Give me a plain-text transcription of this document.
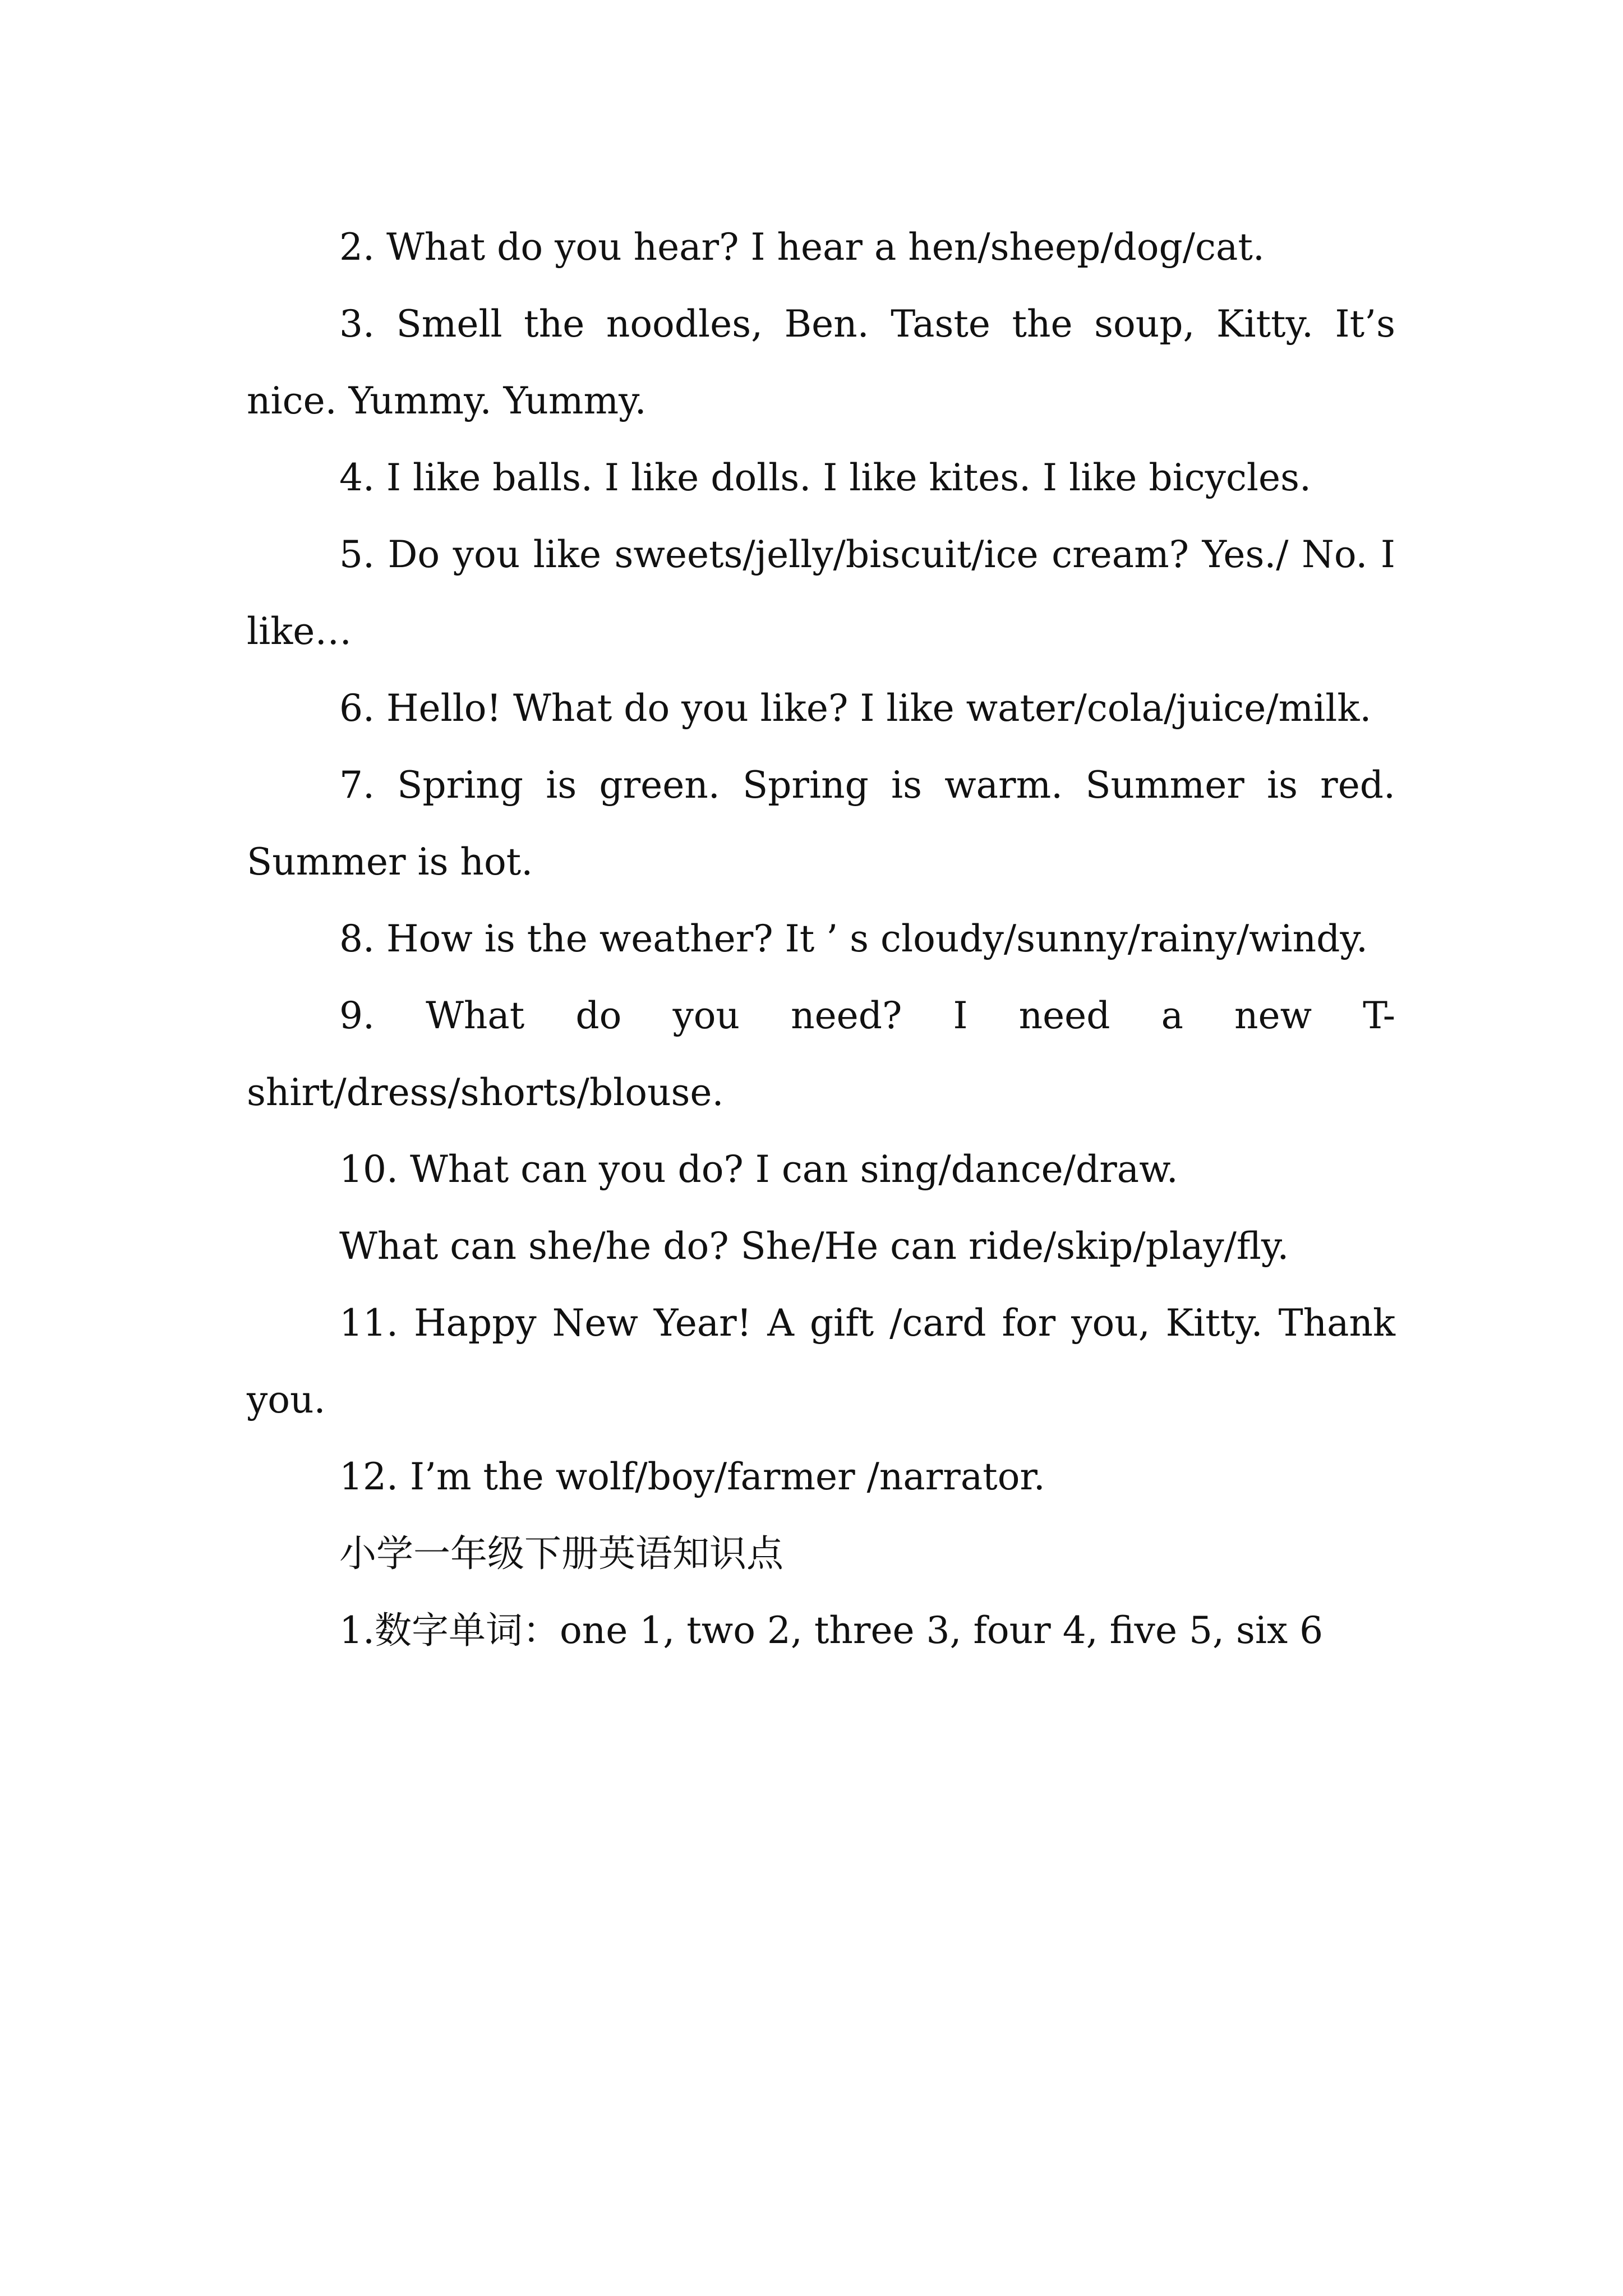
2. What do you hear? I hear a hen/sheep/dog/cat.

3. Smell the noodles, Ben. Taste the soup, Kitty. It’s nice. Yummy. Yummy.

4. I like balls. I like dolls. I like kites. I like bicycles.

5. Do you like sweets/jelly/biscuit/ice cream? Yes./ No. I like…

6. Hello! What do you like? I like water/cola/juice/milk.

7. Spring is green. Spring is warm. Summer is red. Summer is hot.

8. How is the weather? It ’ s cloudy/sunny/rainy/windy.

9. What do you need? I need a new T-shirt/dress/shorts/blouse.

10. What can you do? I can sing/dance/draw.

What can she/he do? She/He can ride/skip/play/fly.

11. Happy New Year! A gift /card for you, Kitty. Thank you.

12. I’m the wolf/boy/farmer /narrator.

小学一年级下册英语知识点

1.数字单词：one 1, two 2, three 3, four 4, five 5, six 6
